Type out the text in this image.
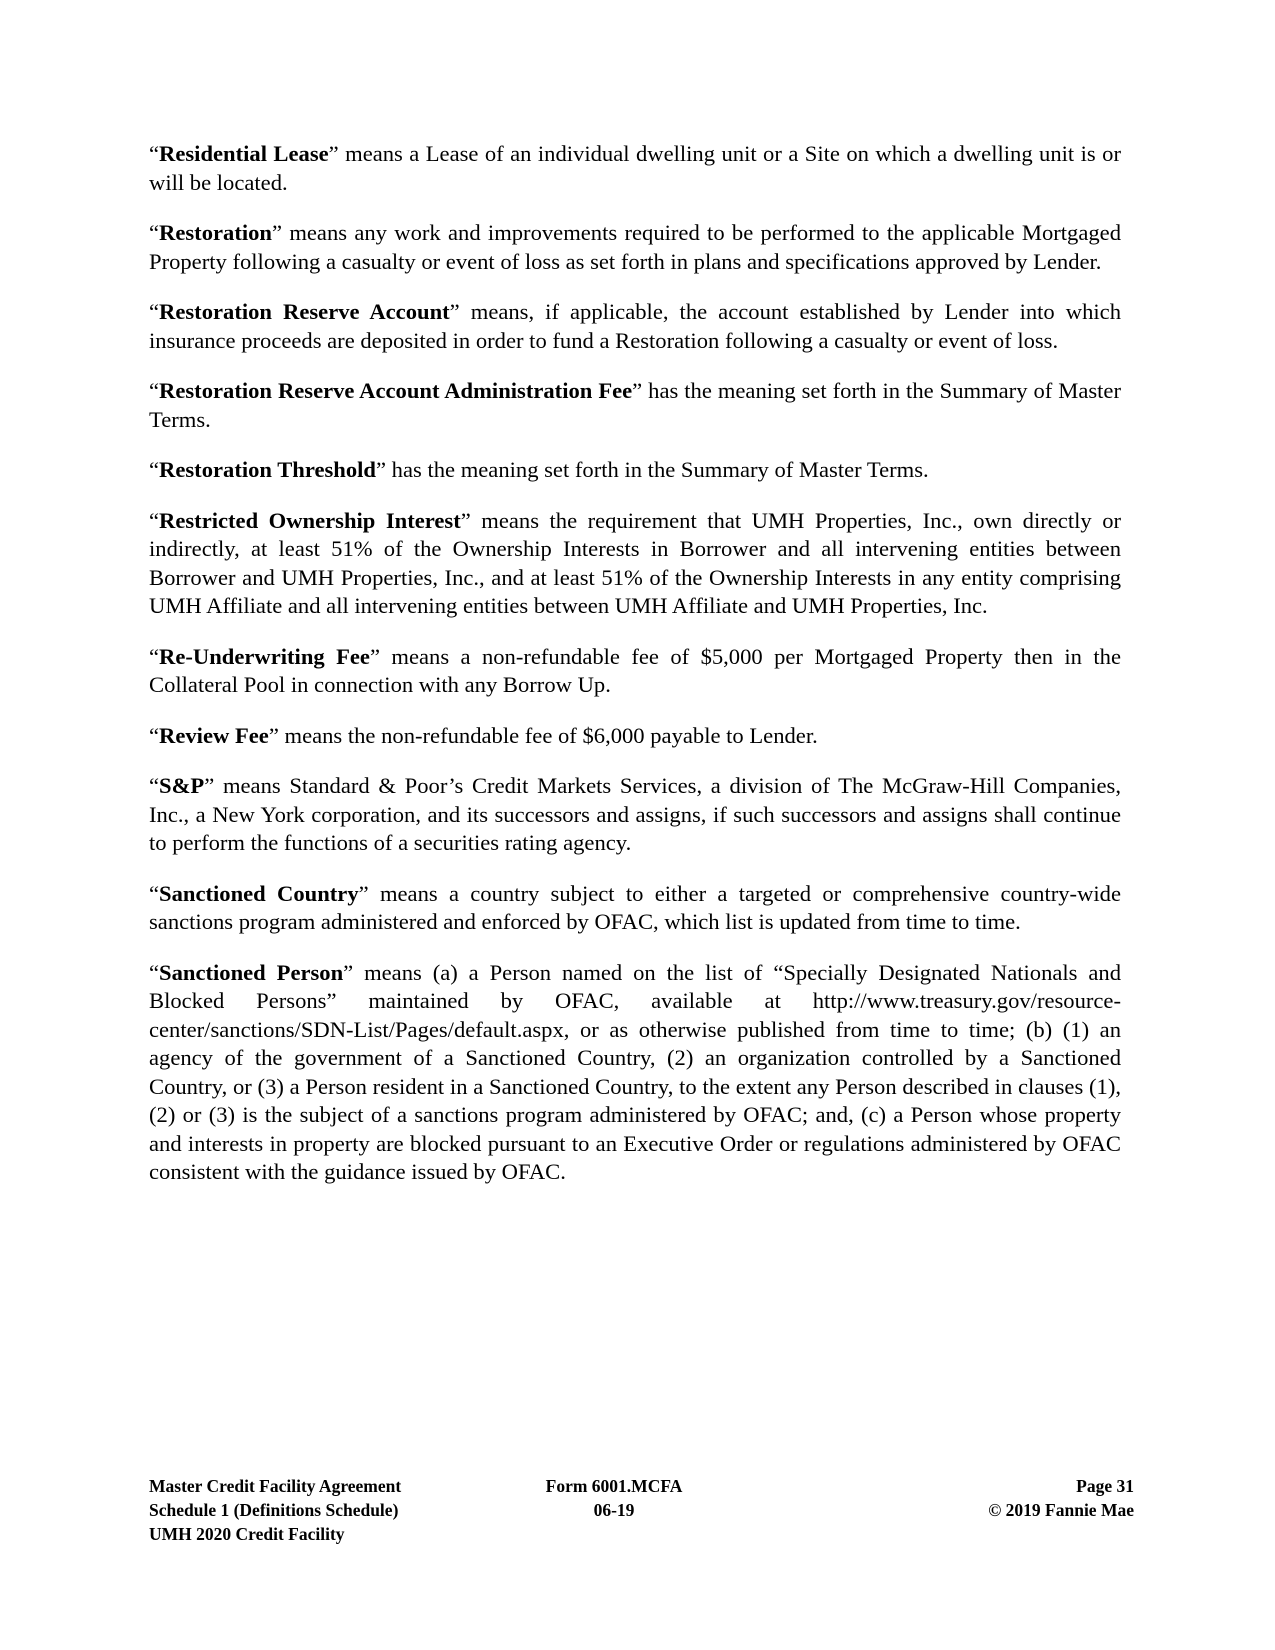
“Residential Lease” means a Lease of an individual dwelling unit or a Site on which a dwelling unit is or will be located.

“Restoration” means any work and improvements required to be performed to the applicable Mortgaged Property following a casualty or event of loss as set forth in plans and specifications approved by Lender.

“Restoration Reserve Account” means, if applicable, the account established by Lender into which insurance proceeds are deposited in order to fund a Restoration following a casualty or event of loss.

“Restoration Reserve Account Administration Fee” has the meaning set forth in the Summary of Master Terms.

“Restoration Threshold” has the meaning set forth in the Summary of Master Terms.

“Restricted Ownership Interest” means the requirement that UMH Properties, Inc., own directly or indirectly, at least 51% of the Ownership Interests in Borrower and all intervening entities between Borrower and UMH Properties, Inc., and at least 51% of the Ownership Interests in any entity comprising UMH Affiliate and all intervening entities between UMH Affiliate and UMH Properties, Inc.

“Re-Underwriting Fee” means a non-refundable fee of $5,000 per Mortgaged Property then in the Collateral Pool in connection with any Borrow Up.

“Review Fee” means the non-refundable fee of $6,000 payable to Lender.

“S&P” means Standard & Poor’s Credit Markets Services, a division of The McGraw-Hill Companies, Inc., a New York corporation, and its successors and assigns, if such successors and assigns shall continue to perform the functions of a securities rating agency.

“Sanctioned Country” means a country subject to either a targeted or comprehensive country-wide sanctions program administered and enforced by OFAC, which list is updated from time to time.

“Sanctioned Person” means (a) a Person named on the list of “Specially Designated Nationals and Blocked Persons” maintained by OFAC, available at http://www.treasury.gov/resource-center/sanctions/SDN-List/Pages/default.aspx, or as otherwise published from time to time; (b) (1) an agency of the government of a Sanctioned Country, (2) an organization controlled by a Sanctioned Country, or (3) a Person resident in a Sanctioned Country, to the extent any Person described in clauses (1), (2) or (3) is the subject of a sanctions program administered by OFAC; and, (c) a Person whose property and interests in property are blocked pursuant to an Executive Order or regulations administered by OFAC consistent with the guidance issued by OFAC.

Master Credit Facility Agreement
Schedule 1 (Definitions Schedule)
UMH 2020 Credit Facility
Form 6001.MCFA
06-19
Page 31
© 2019 Fannie Mae
